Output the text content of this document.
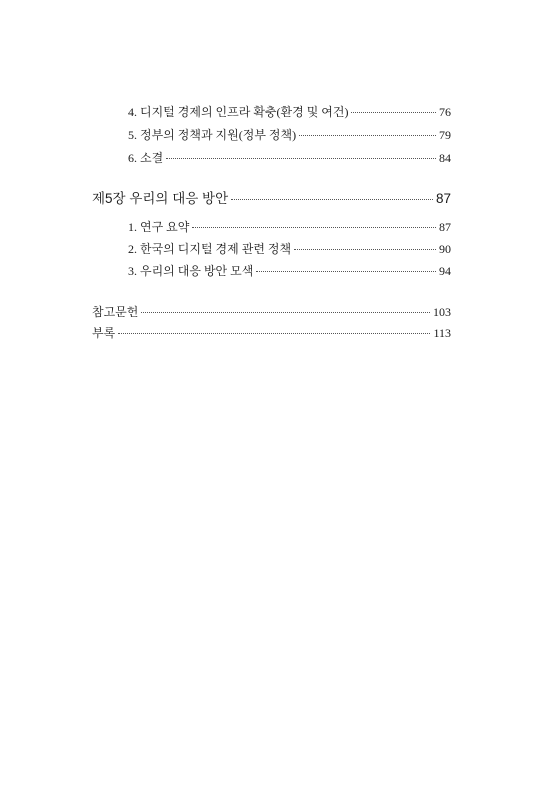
4. 디지털 경제의 인프라 확충(환경 및 여건)	76
5. 정부의 정책과 지원(정부 정책)	79
6. 소결	84
제5장 우리의 대응 방안	87
1. 연구 요약	87
2. 한국의 디지털 경제 관련 정책	90
3. 우리의 대응 방안 모색	94
참고문헌	103
부록	113
